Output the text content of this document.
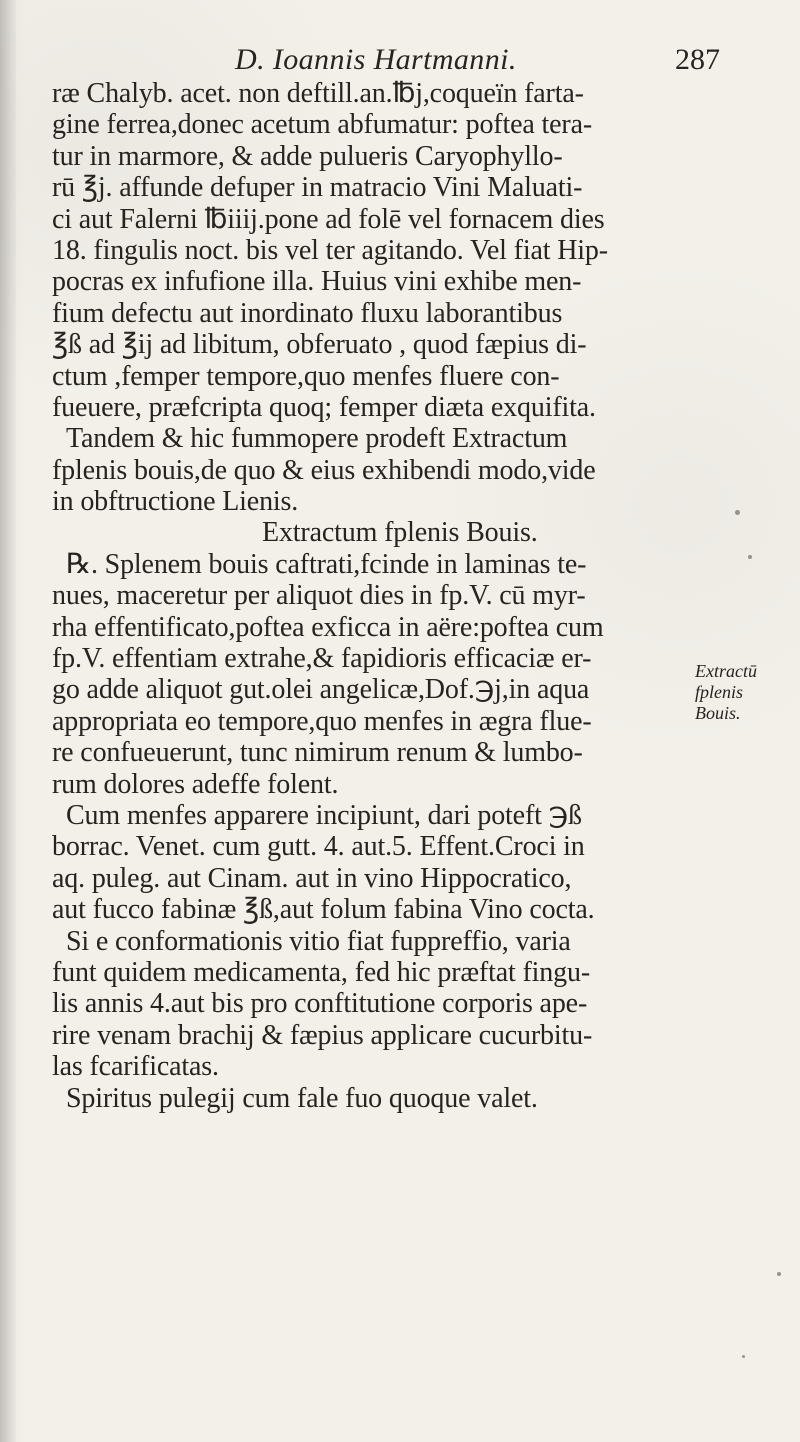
D. Ioannis Hartmanni.	287
ræ Chalyb. acet. non deftill.an.℔j,coqueïn farta-
gine ferrea,donec acetum abfumatur: poftea tera-
tur in marmore, & adde pulueris Caryophyllo-
rū ℥j. affunde defuper in matracio Vini Maluati-
ci aut Falerni ℔iiij.pone ad folē vel fornacem dies
18. fingulis noct. bis vel ter agitando. Vel fiat Hip-
pocras ex infufione illa. Huius vini exhibe men-
fium defectu aut inordinato fluxu laborantibus
℥ß ad ℥ij ad libitum, obferuato , quod fæpius di-
ctum ,femper tempore,quo menfes fluere con-
fueuere, præfcripta quoq; femper diæta exquifita.
Tandem & hic fummopere prodeft Extractum
fplenis bouis,de quo & eius exhibendi modo,vide
in obftructione Lienis.
Extractum fplenis Bouis.
℞. Splenem bouis caftrati,fcinde in laminas te-
nues, maceretur per aliquot dies in fp.V. cū myr-
rha effentificato,poftea exficca in aëre:poftea cum
fp.V. effentiam extrahe,& fapidioris efficaciæ er-
go adde aliquot gut.olei angelicæ,Dof.℈j,in aqua
appropriata eo tempore,quo menfes in ægra flue-
re confueuerunt, tunc nimirum renum & lumbo-
rum dolores adeffe folent.
Cum menfes apparere incipiunt, dari poteft ℈ß
borrac. Venet. cum gutt. 4. aut.5. Effent.Croci in
aq. puleg. aut Cinam. aut in vino Hippocratico,
aut fucco fabinæ ℥ß,aut folum fabina Vino cocta.
Si e conformationis vitio fiat fuppreffio, varia
funt quidem medicamenta, fed hic præftat fingu-
lis annis 4.aut bis pro conftitutione corporis ape-
rire venam brachij & fæpius applicare cucurbitu-
las fcarificatas.
Spiritus pulegij cum fale fuo quoque valet.
Extractū
fplenis
Bouis.
